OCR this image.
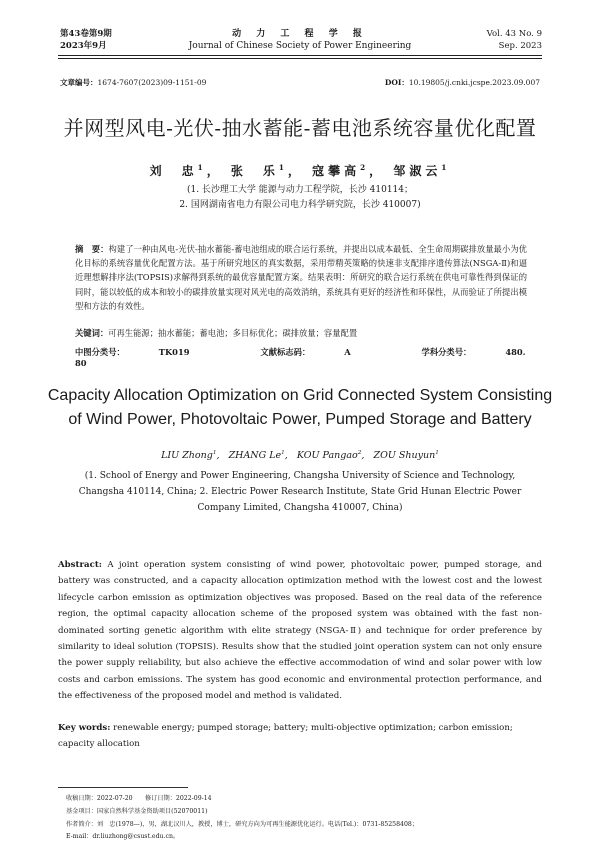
第43卷第9期
2023年9月
动 力 工 程 学 报
Journal of Chinese Society of Power Engineering
Vol. 43 No. 9
Sep. 2023
文章编号：1674-7607(2023)09-1151-09	DOI：10.19805/j.cnki.jcspe.2023.09.007
并网型风电-光伏-抽水蓄能-蓄电池系统容量优化配置
刘　忠$^1$， 张　乐$^1$， 寇攀高$^2$， 邹淑云$^1$
(1. 长沙理工大学 能源与动力工程学院，长沙 410114；
2. 国网湖南省电力有限公司电力科学研究院，长沙 410007)
摘　要：构建了一种由风电-光伏-抽水蓄能-蓄电池组成的联合运行系统，并提出以成本最低、全生命周期碳排放量最小为优化目标的系统容量优化配置方法。基于所研究地区的真实数据，采用带精英策略的快速非支配排序遗传算法(NSGA-Ⅱ)和逼近理想解排序法(TOPSIS)求解得到系统的最优容量配置方案。结果表明：所研究的联合运行系统在供电可靠性得到保证的同时，能以较低的成本和较小的碳排放量实现对风光电的高效消纳，系统具有更好的经济性和环保性，从而验证了所提出模型和方法的有效性。
关键词：可再生能源；抽水蓄能；蓄电池；多目标优化；碳排放量；容量配置
中图分类号：	TK019	文献标志码：	A	学科分类号：	480. 80
Capacity Allocation Optimization on Grid Connected System Consisting
of Wind Power, Photovoltaic Power, Pumped Storage and Battery
LIU Zhong$^1$,   ZHANG Le$^1$,   KOU Pangao$^2$,   ZOU Shuyun$^1$
(1. School of Energy and Power Engineering, Changsha University of Science and Technology,
Changsha 410114, China; 2. Electric Power Research Institute, State Grid Hunan Electric Power
Company Limited, Changsha 410007, China)
Abstract: A joint operation system consisting of wind power, photovoltaic power, pumped storage, and battery was constructed, and a capacity allocation optimization method with the lowest cost and the lowest lifecycle carbon emission as optimization objectives was proposed. Based on the real data of the reference region, the optimal capacity allocation scheme of the proposed system was obtained with the fast non-dominated sorting genetic algorithm with elite strategy (NSGA-Ⅱ) and technique for order preference by similarity to ideal solution (TOPSIS). Results show that the studied joint operation system can not only ensure the power supply reliability, but also achieve the effective accommodation of wind and solar power with low costs and carbon emissions. The system has good economic and environmental protection performance, and the effectiveness of the proposed model and method is validated.
Key words: renewable energy; pumped storage; battery; multi-objective optimization; carbon emission; capacity allocation
收稿日期：2022-07-20　　修订日期：2022-09-14
基金项目：国家自然科学基金资助项目(52070011)
作者简介：刘　忠(1978—)，男，湖北汉川人，教授，博士，研究方向为可再生能源优化运行。电话(Tel.)：0731-85258408；
E-mail：dr.liuzhong@csust.edu.cn。
